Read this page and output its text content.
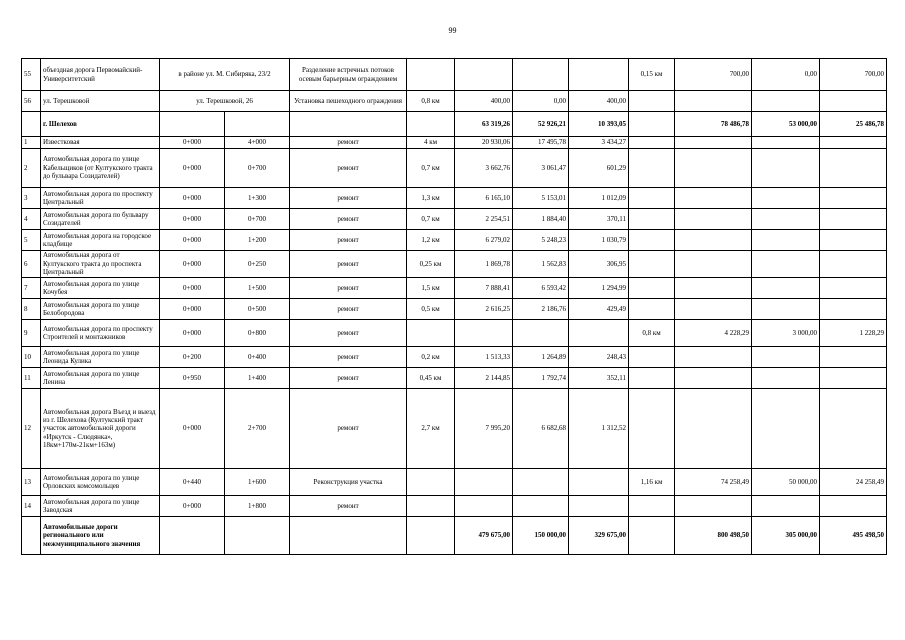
99
55	объездная дорога Первомайский-Университетский	в районе ул. М. Сибиряка, 23/2		Разделение встречных потоков осевым барьерным ограждением					0,15 км	700,00	0,00	700,00
56	ул. Терешковой	ул. Терешковой, 26		Установка пешеходного ограждения	0,8 км	400,00	0,00	400,00				
	г. Шелехов					63 319,26	52 926,21	10 393,05		78 486,78	53 000,00	25 486,78
1	Известковая	0+000	4+000	ремонт	4 км	20 930,06	17 495,78	3 434,27				
2	Автомобильная дорога по улице Кабельщиков (от Култукского тракта до бульвара Созидателей)	0+000	0+700	ремонт	0,7 км	3 662,76	3 061,47	601,29				
3	Автомобильная дорога по проспекту Центральный	0+000	1+300	ремонт	1,3 км	6 165,10	5 153,01	1 012,09				
4	Автомобильная дорога по бульвару Созидателей	0+000	0+700	ремонт	0,7 км	2 254,51	1 884,40	370,11				
5	Автомобильная дорога на городское кладбище	0+000	1+200	ремонт	1,2 км	6 279,02	5 248,23	1 030,79				
6	Автомобильная дорога от Култукского тракта до проспекта Центральный	0+000	0+250	ремонт	0,25 км	1 869,78	1 562,83	306,95				
7	Автомобильная дорога по улице Кочубея	0+000	1+500	ремонт	1,5 км	7 888,41	6 593,42	1 294,99				
8	Автомобильная дорога по улице Белобородова	0+000	0+500	ремонт	0,5 км	2 616,25	2 186,76	429,49				
9	Автомобильная дорога по проспекту Строителей и монтажников	0+000	0+800	ремонт					0,8 км	4 228,29	3 000,00	1 228,29
10	Автомобильная дорога по улице Леонида Кулика	0+200	0+400	ремонт	0,2 км	1 513,33	1 264,89	248,43				
11	Автомобильная дорога по улице Ленина	0+950	1+400	ремонт	0,45 км	2 144,85	1 792,74	352,11				
12	Автомобильная дорога Въезд и выезд из г. Шелехова (Култукский тракт участок автомобильной дороги «Иркутск - Слюдянка», 18км+170м-21км+163м)	0+000	2+700	ремонт	2,7 км	7 995,20	6 682,68	1 312,52				
13	Автомобильная дорога по улице Орловских комсомольцев	0+440	1+600	Реконструкция участка					1,16 км	74 258,49	50 000,00	24 258,49
14	Автомобильная дорога по улице Заводская	0+000	1+800	ремонт								
	Автомобильные дороги регионального или межмуниципального значения					479 675,00	150 000,00	329 675,00		800 498,50	305 000,00	495 498,50
